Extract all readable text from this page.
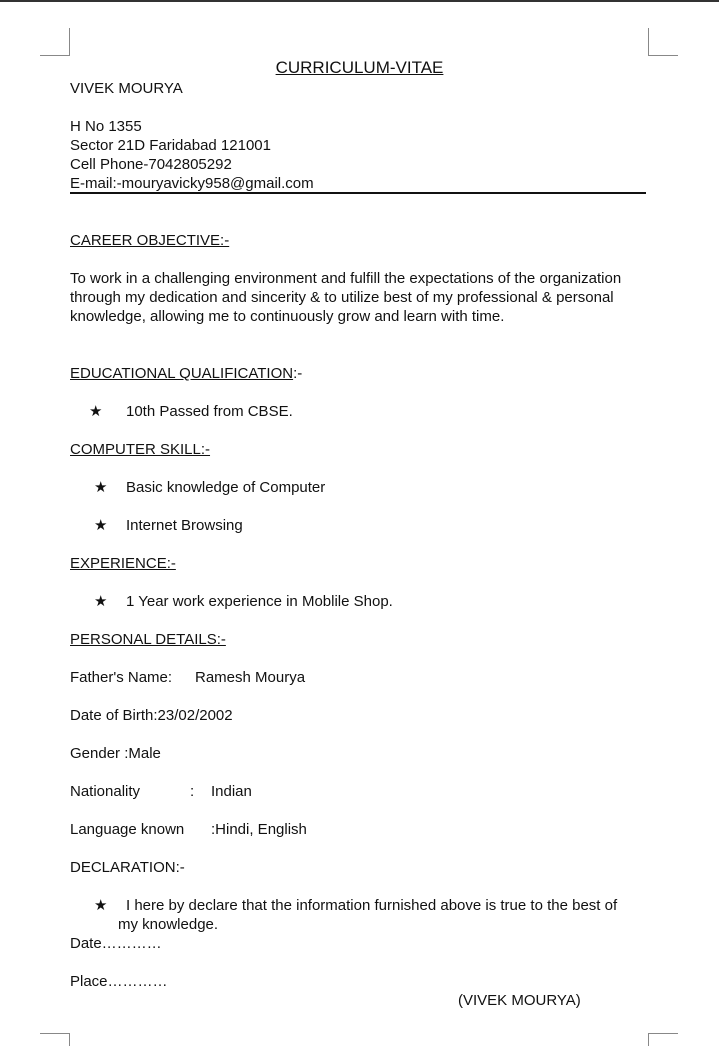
CURRICULUM-VITAE
VIVEK MOURYA
H No 1355
Sector 21D Faridabad 121001
Cell Phone-7042805292
E-mail:-mouryavicky958@gmail.com
CAREER OBJECTIVE:-
To work in a challenging environment and fulfill the expectations of the organization through my dedication and sincerity & to utilize best of my professional & personal knowledge, allowing me to continuously grow and learn with time.
EDUCATIONAL QUALIFICATION:-
★ 10th Passed from CBSE.
COMPUTER SKILL:-
★ Basic knowledge of Computer
★ Internet Browsing
EXPERIENCE:-
★ 1 Year work experience in Moblile Shop.
PERSONAL DETAILS:-
Father's Name: Ramesh Mourya
Date of Birth:23/02/2002
Gender :Male
Nationality	: Indian
Language known :Hindi, English
DECLARATION:-
★	I here by declare that the information furnished above is true to the best of my knowledge.
Date…………
Place…………
(VIVEK MOURYA)
